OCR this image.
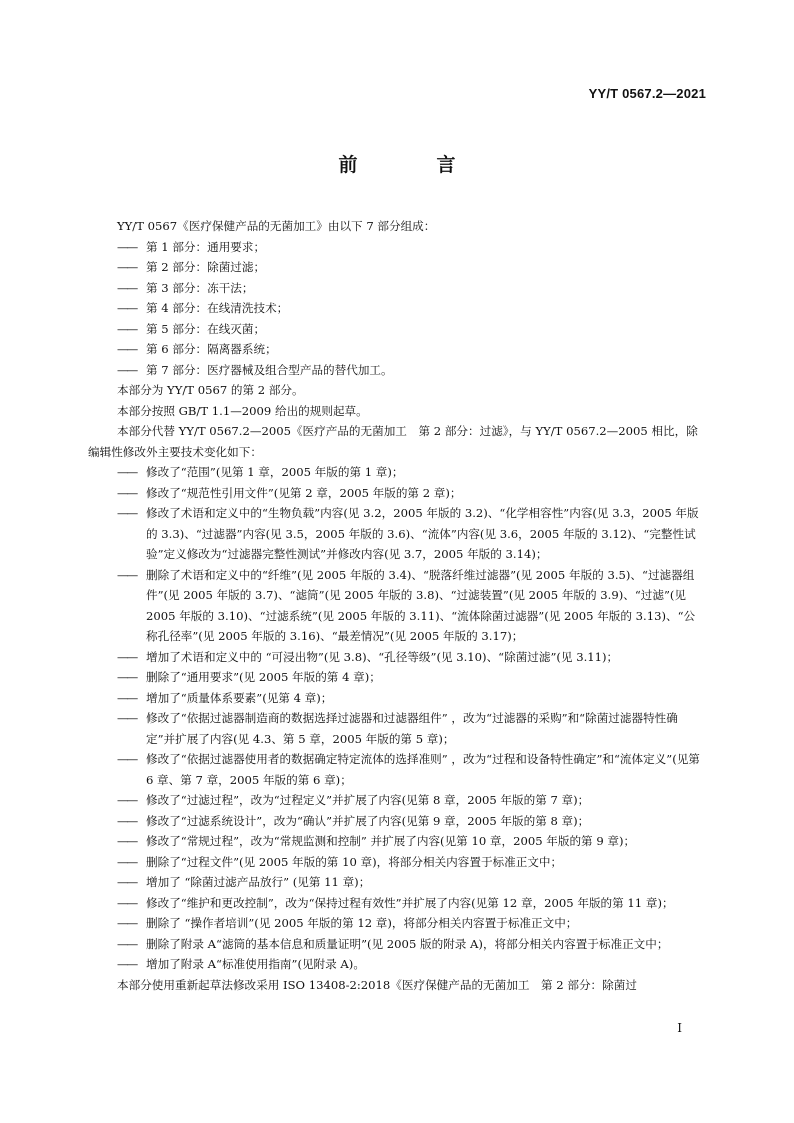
YY/T 0567.2—2021
前　言

YY/T 0567《医疗保健产品的无菌加工》由以下 7 部分组成：

—— 第 1 部分：通用要求；

—— 第 2 部分：除菌过滤；

—— 第 3 部分：冻干法；

—— 第 4 部分：在线清洗技术；

—— 第 5 部分：在线灭菌；

—— 第 6 部分：隔离器系统；

—— 第 7 部分：医疗器械及组合型产品的替代加工。

本部分为 YY/T 0567 的第 2 部分。

本部分按照 GB/T 1.1—2009 给出的规则起草。

本部分代替 YY/T 0567.2—2005《医疗产品的无菌加工　第 2 部分：过滤》，与 YY/T 0567.2—2005 相比，除编辑性修改外主要技术变化如下：

—— 修改了“范围”(见第 1 章，2005 年版的第 1 章)；

—— 修改了“规范性引用文件”(见第 2 章，2005 年版的第 2 章)；

—— 修改了术语和定义中的“生物负载”内容(见 3.2，2005 年版的 3.2)、“化学相容性”内容(见 3.3，2005 年版的 3.3)、“过滤器”内容(见 3.5，2005 年版的 3.6)、“流体”内容(见 3.6，2005 年版的 3.12)、“完整性试验”定义修改为“过滤器完整性测试”并修改内容(见 3.7，2005 年版的 3.14)；

—— 删除了术语和定义中的“纤维”(见 2005 年版的 3.4)、“脱落纤维过滤器”(见 2005 年版的 3.5)、“过滤器组件”(见 2005 年版的 3.7)、“滤筒”(见 2005 年版的 3.8)、“过滤装置”(见 2005 年版的 3.9)、“过滤”(见 2005 年版的 3.10)、“过滤系统”(见 2005 年版的 3.11)、“流体除菌过滤器”(见 2005 年版的 3.13)、“公称孔径率”(见 2005 年版的 3.16)、“最差情况”(见 2005 年版的 3.17)；

—— 增加了术语和定义中的 “可浸出物”(见 3.8)、“孔径等级”(见 3.10)、“除菌过滤”(见 3.11)；

—— 删除了“通用要求”(见 2005 年版的第 4 章)；

—— 增加了“质量体系要素”(见第 4 章)；

—— 修改了“依据过滤器制造商的数据选择过滤器和过滤器组件” ，改为“过滤器的采购”和“除菌过滤器特性确定”并扩展了内容(见 4.3、第 5 章，2005 年版的第 5 章)；

—— 修改了“依据过滤器使用者的数据确定特定流体的选择准则” ，改为“过程和设备特性确定”和“流体定义”(见第 6 章、第 7 章，2005 年版的第 6 章)；

—— 修改了“过滤过程”，改为“过程定义”并扩展了内容(见第 8 章，2005 年版的第 7 章)；

—— 修改了“过滤系统设计”，改为“确认”并扩展了内容(见第 9 章，2005 年版的第 8 章)；

—— 修改了“常规过程”，改为“常规监测和控制” 并扩展了内容(见第 10 章，2005 年版的第 9 章)；

—— 删除了“过程文件”(见 2005 年版的第 10 章)，将部分相关内容置于标准正文中；

—— 增加了 “除菌过滤产品放行” (见第 11 章)；

—— 修改了“维护和更改控制”，改为“保持过程有效性”并扩展了内容(见第 12 章，2005 年版的第 11 章)；

—— 删除了 “操作者培训”(见 2005 年版的第 12 章)，将部分相关内容置于标准正文中；

—— 删除了附录 A“滤筒的基本信息和质量证明”(见 2005 版的附录 A)，将部分相关内容置于标准正文中；

—— 增加了附录 A“标准使用指南”(见附录 A)。

本部分使用重新起草法修改采用 ISO 13408-2:2018《医疗保健产品的无菌加工　第 2 部分：除菌过

I
